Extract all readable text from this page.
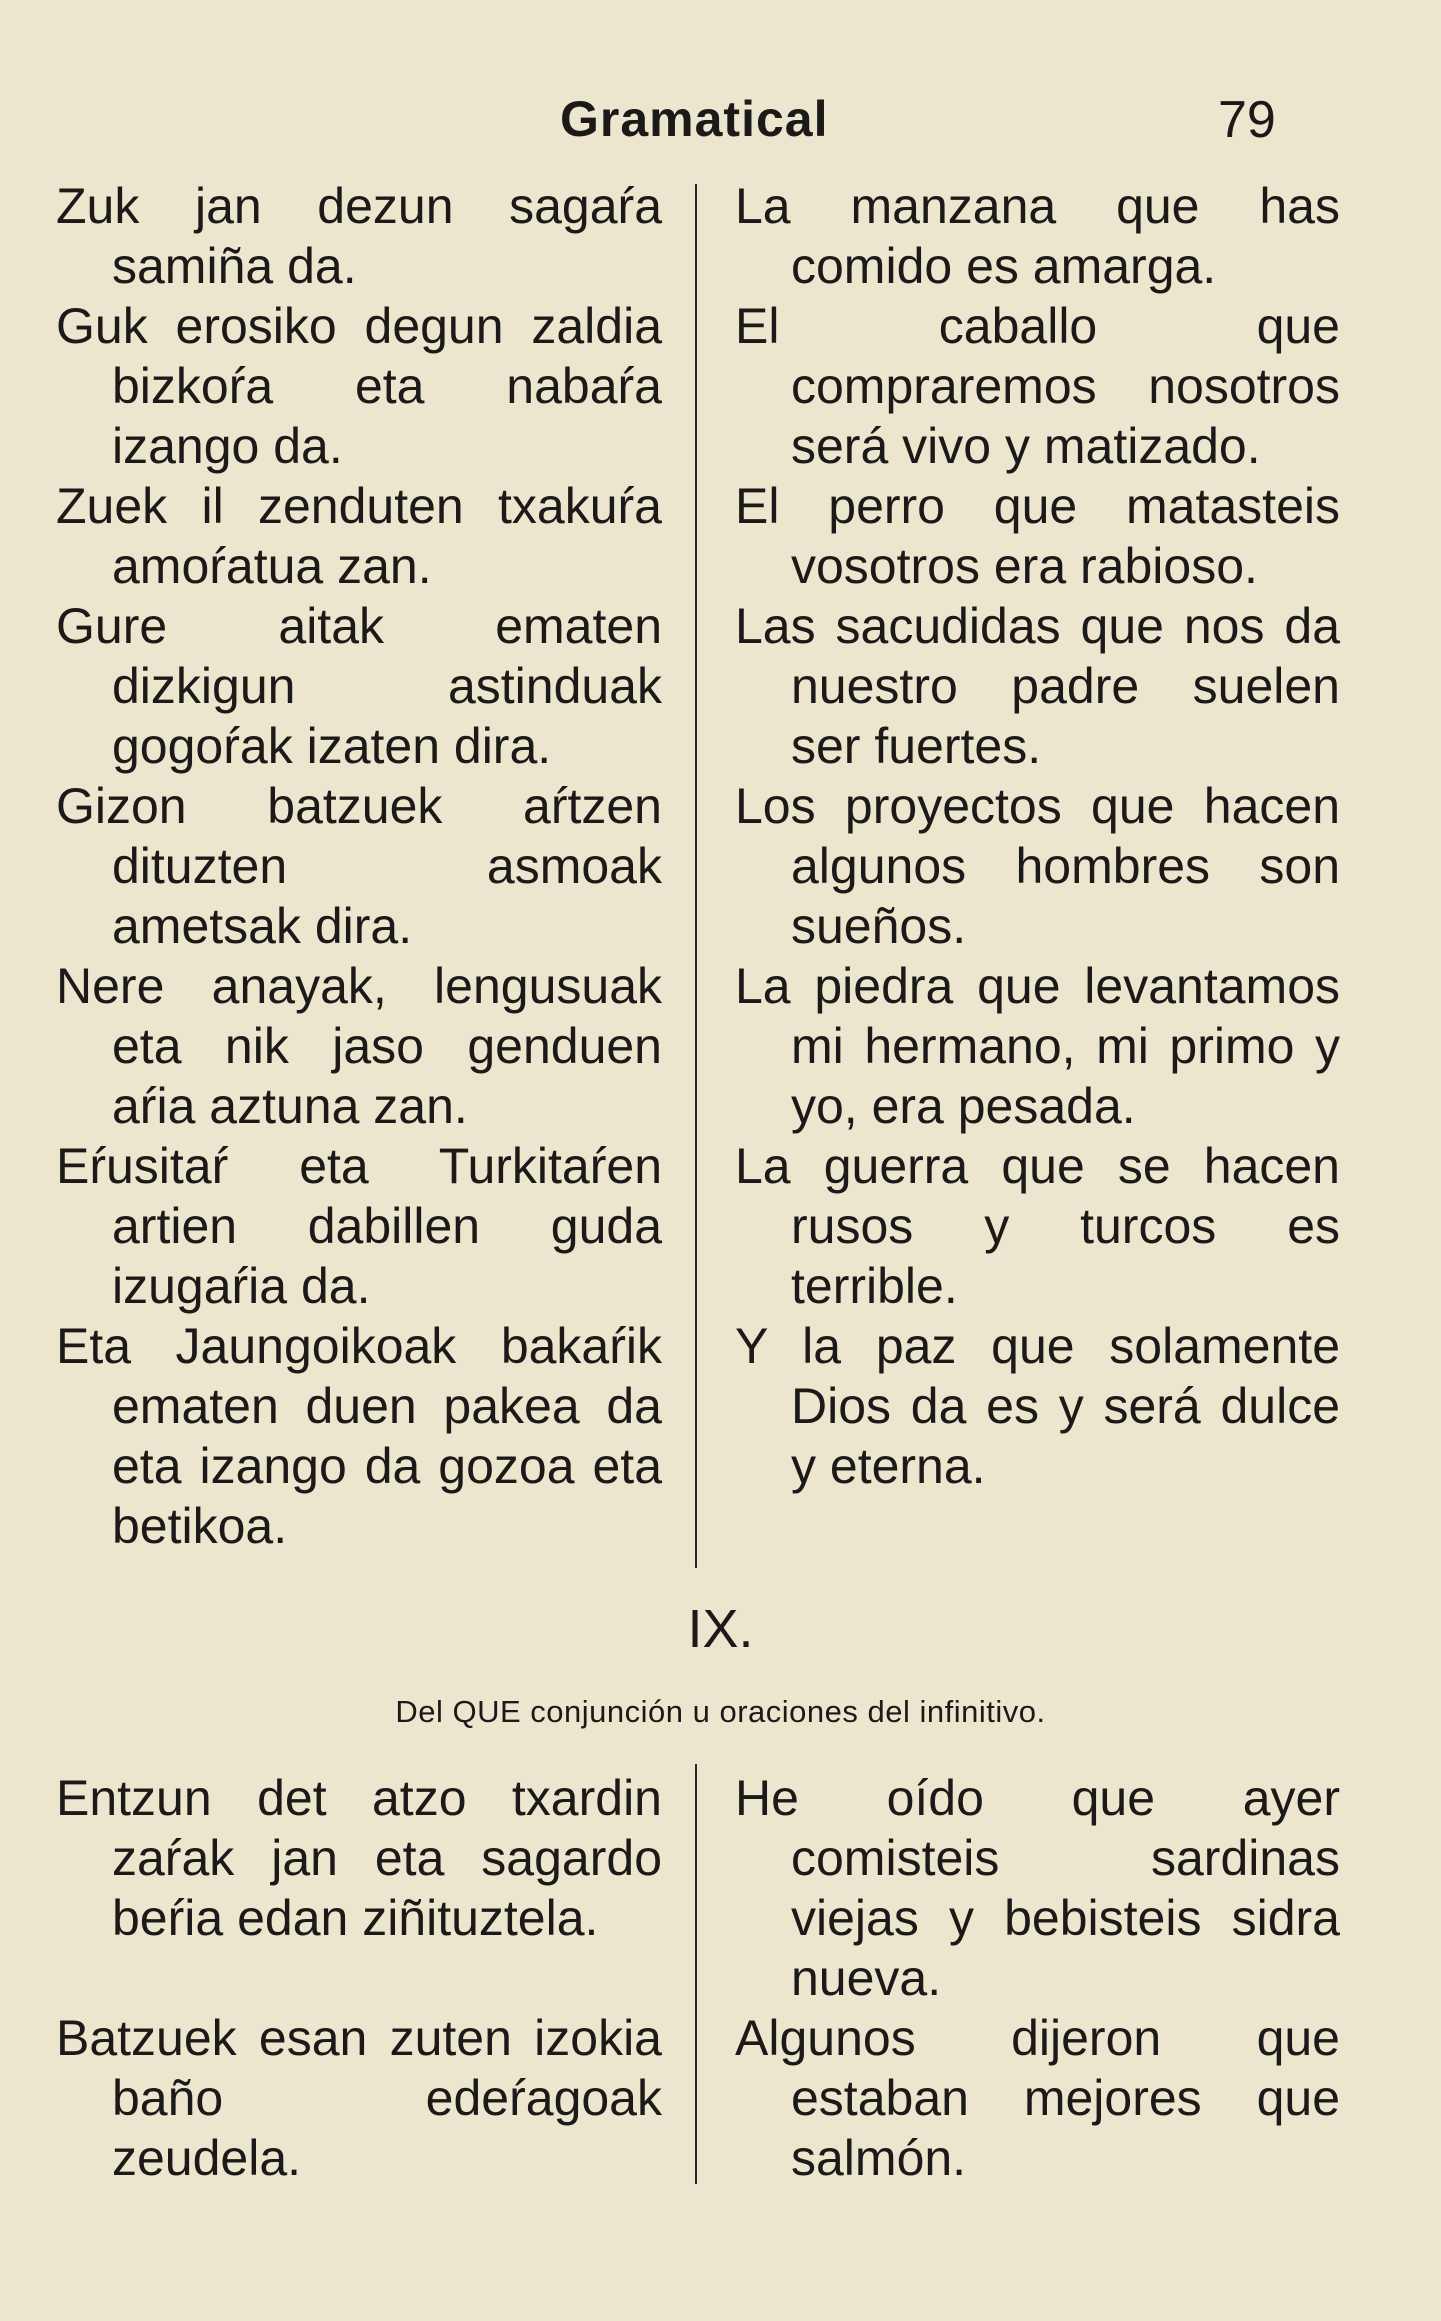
Gramatical	79

Zuk jan dezun sagaŕa samiña da.

Guk erosiko degun zaldia bizkoŕa eta nabaŕa izango da.

Zuek il zenduten txakuŕa amoŕatua zan.

Gure aitak ematen dizkigun astinduak gogoŕak izaten dira.

Gizon batzuek aŕtzen dituzten asmoak ametsak dira.

Nere anayak, lengusuak eta nik jaso genduen aŕia aztuna zan.

Eŕusitaŕ eta Turkitaŕen artien dabillen guda izugaŕia da.

Eta Jaungoikoak bakaŕik ematen duen pakea da eta izango da gozoa eta betikoa.

La manzana que has comido es amarga.

El caballo que compraremos nosotros será vivo y matizado.

El perro que matasteis vosotros era rabioso.

Las sacudidas que nos da nuestro padre suelen ser fuertes.

Los proyectos que hacen algunos hombres son sueños.

La piedra que levantamos mi hermano, mi primo y yo, era pesada.

La guerra que se hacen rusos y turcos es terrible.

Y la paz que solamente Dios da es y será dulce y eterna.

IX.
Del QUE conjunción u oraciones del infinitivo.

Entzun det atzo txardin zaŕak jan eta sagardo beŕia edan ziñituztela.

Batzuek esan zuten izokia baño edeŕagoak zeudela.

He oído que ayer comisteis sardinas viejas y bebisteis sidra nueva.

Algunos dijeron que estaban mejores que salmón.
